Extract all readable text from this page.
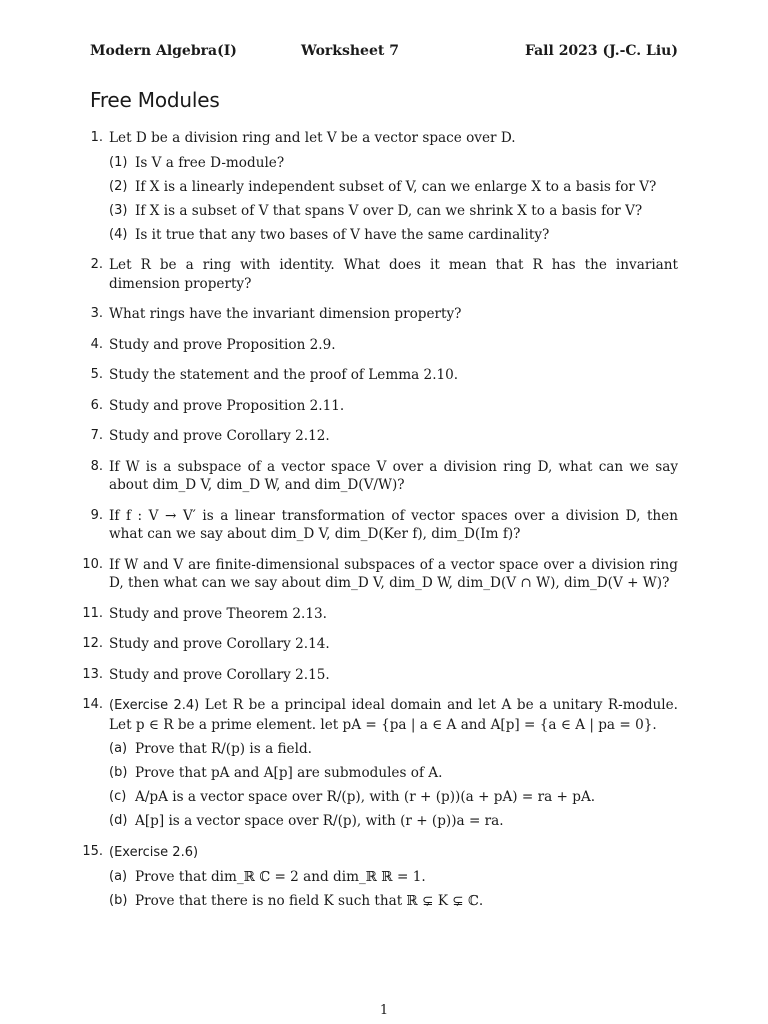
Modern Algebra(I)	Worksheet 7	Fall 2023 (J.-C. Liu)
Free Modules
1. Let D be a division ring and let V be a vector space over D.
(1) Is V a free D-module?
(2) If X is a linearly independent subset of V, can we enlarge X to a basis for V?
(3) If X is a subset of V that spans V over D, can we shrink X to a basis for V?
(4) Is it true that any two bases of V have the same cardinality?
2. Let R be a ring with identity. What does it mean that R has the invariant dimension property?
3. What rings have the invariant dimension property?
4. Study and prove Proposition 2.9.
5. Study the statement and the proof of Lemma 2.10.
6. Study and prove Proposition 2.11.
7. Study and prove Corollary 2.12.
8. If W is a subspace of a vector space V over a division ring D, what can we say about dim_D V, dim_D W, and dim_D(V/W)?
9. If f : V → V′ is a linear transformation of vector spaces over a division D, then what can we say about dim_D V, dim_D(Ker f), dim_D(Im f)?
10. If W and V are finite-dimensional subspaces of a vector space over a division ring D, then what can we say about dim_D V, dim_D W, dim_D(V ∩ W), dim_D(V + W)?
11. Study and prove Theorem 2.13.
12. Study and prove Corollary 2.14.
13. Study and prove Corollary 2.15.
14. (Exercise 2.4) Let R be a principal ideal domain and let A be a unitary R-module. Let p ∈ R be a prime element. let pA = {pa | a ∈ A and A[p] = {a ∈ A | pa = 0}.
(a) Prove that R/(p) is a field.
(b) Prove that pA and A[p] are submodules of A.
(c) A/pA is a vector space over R/(p), with (r + (p))(a + pA) = ra + pA.
(d) A[p] is a vector space over R/(p), with (r + (p))a = ra.
15. (Exercise 2.6)
(a) Prove that dim_ℝ ℂ = 2 and dim_ℝ ℝ = 1.
(b) Prove that there is no field K such that ℝ ⊊ K ⊊ ℂ.
1
